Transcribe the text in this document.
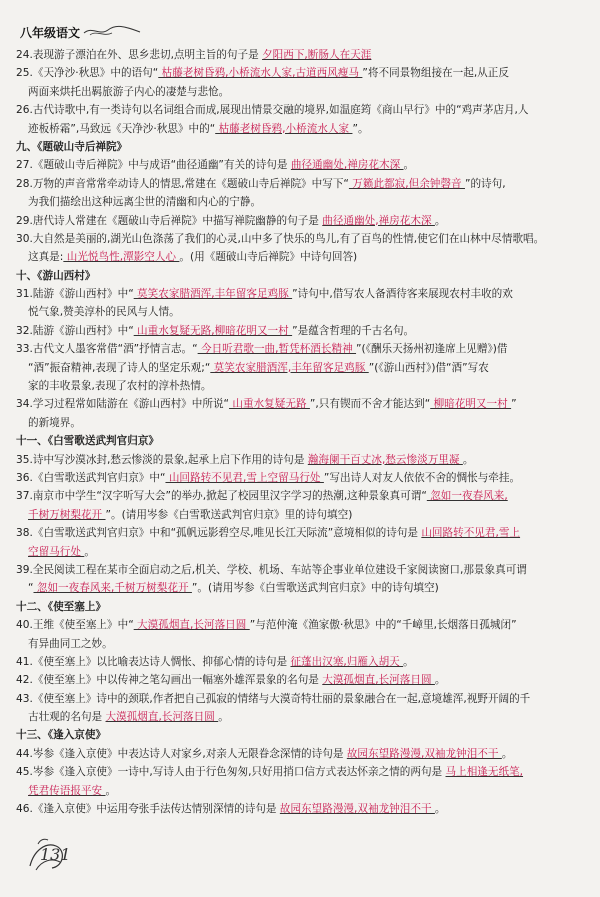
八年级语文
24.表现游子漂泊在外、思乡悲切,点明主旨的句子是 夕阳西下,断肠人在天涯
25.《天净沙·秋思》中的语句“ 枯藤老树昏鸦,小桥流水人家,古道西风瘦马 ”将不同景物组接在一起,从正反
两面来烘托出羁旅游子内心的凄楚与悲怆。
26.古代诗歌中,有一类诗句以名词组合而成,展现出情景交融的境界,如温庭筠《商山早行》中的“鸡声茅店月,人
迹板桥霜”,马致远《天净沙·秋思》中的“ 枯藤老树昏鸦,小桥流水人家 ”。
九、《题破山寺后禅院》
27.《题破山寺后禅院》中与成语“曲径通幽”有关的诗句是 曲径通幽处,禅房花木深 。
28.万物的声音常常牵动诗人的情思,常建在《题破山寺后禅院》中写下“ 万籁此都寂,但余钟磬音 ”的诗句,
为我们描绘出这种远离尘世的清幽和内心的宁静。
29.唐代诗人常建在《题破山寺后禅院》中描写禅院幽静的句子是 曲径通幽处,禅房花木深 。
30.大自然是美丽的,湖光山色涤荡了我们的心灵,山中多了快乐的鸟儿,有了百鸟的性情,使它们在山林中尽情歌唱。
这真是: 山光悦鸟性,潭影空人心 。(用《题破山寺后禅院》中诗句回答)
十、《游山西村》
31.陆游《游山西村》中“ 莫笑农家腊酒浑,丰年留客足鸡豚 ”诗句中,借写农人备酒待客来展现农村丰收的欢
悦气象,赞美淳朴的民风与人情。
32.陆游《游山西村》中“ 山重水复疑无路,柳暗花明又一村 ”是蕴含哲理的千古名句。
33.古代文人墨客常借“酒”抒情言志。“ 今日听君歌一曲,暂凭杯酒长精神 ”(《酬乐天扬州初逢席上见赠》)借
“酒”振奋精神,表现了诗人的坚定乐观;“ 莫笑农家腊酒浑,丰年留客足鸡豚 ”(《游山西村》)借“酒”写农
家的丰收景象,表现了农村的淳朴热情。
34.学习过程常如陆游在《游山西村》中所说“ 山重水复疑无路 ”,只有锲而不舍才能达到“ 柳暗花明又一村 ”
的新境界。
十一、《白雪歌送武判官归京》
35.诗中写沙漠冰封,愁云惨淡的景象,起承上启下作用的诗句是 瀚海阑干百丈冰,愁云惨淡万里凝 。
36.《白雪歌送武判官归京》中“ 山回路转不见君,雪上空留马行处 ”写出诗人对友人依依不舍的惆怅与牵挂。
37.南京市中学生“汉字听写大会”的举办,掀起了校园里汉字学习的热潮,这种景象真可谓“ 忽如一夜春风来,
千树万树梨花开 ”。(请用岑参《白雪歌送武判官归京》里的诗句填空)
38.《白雪歌送武判官归京》中和“孤帆远影碧空尽,唯见长江天际流”意境相似的诗句是 山回路转不见君,雪上
空留马行处 。
39.全民阅读工程在某市全面启动之后,机关、学校、机场、车站等企事业单位建设千家阅读窗口,那景象真可谓
“ 忽如一夜春风来,千树万树梨花开 ”。(请用岑参《白雪歌送武判官归京》中的诗句填空)
十二、《使至塞上》
40.王维《使至塞上》中“ 大漠孤烟直,长河落日圆 ”与范仲淹《渔家傲·秋思》中的“千嶂里,长烟落日孤城闭”
有异曲同工之妙。
41.《使至塞上》以比喻表达诗人惆怅、抑郁心情的诗句是 征蓬出汉塞,归雁入胡天 。
42.《使至塞上》中以传神之笔勾画出一幅塞外雄浑景象的名句是 大漠孤烟直,长河落日圆 。
43.《使至塞上》诗中的颈联,作者把自己孤寂的情绪与大漠奇特壮丽的景象融合在一起,意境雄浑,视野开阔的千
古壮观的名句是 大漠孤烟直,长河落日圆 。
十三、《逢入京使》
44.岑参《逢入京使》中表达诗人对家乡,对亲人无限眷念深情的诗句是 故园东望路漫漫,双袖龙钟泪不干 。
45.岑参《逢入京使》一诗中,写诗人由于行色匆匆,只好用捎口信方式表达怀亲之情的两句是 马上相逢无纸笔,
凭君传语报平安 。
46.《逢入京使》中运用夸张手法传达情别深情的诗句是 故园东望路漫漫,双袖龙钟泪不干 。
131
